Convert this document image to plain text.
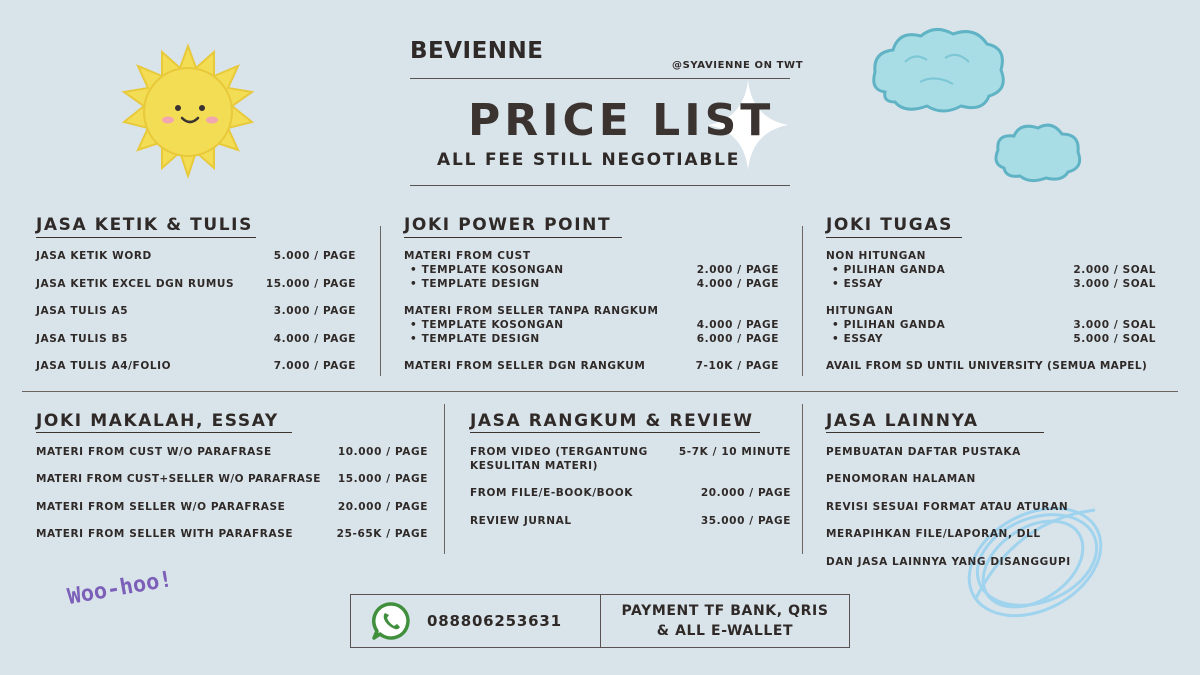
Woo-hoo!
BEVIENNE
@SYAVIENNE ON TWT
PRICE LIST
ALL FEE STILL NEGOTIABLE
JASA KETIK & TULIS
JASA KETIK WORD	5.000 / PAGE
JASA KETIK EXCEL DGN RUMUS	15.000 / PAGE
JASA TULIS A5	3.000 / PAGE
JASA TULIS B5	4.000 / PAGE
JASA TULIS A4/FOLIO	7.000 / PAGE
JOKI POWER POINT
MATERI FROM CUST
• TEMPLATE KOSONGAN	2.000 / PAGE
• TEMPLATE DESIGN	4.000 / PAGE
MATERI FROM SELLER TANPA RANGKUM
• TEMPLATE KOSONGAN	4.000 / PAGE
• TEMPLATE DESIGN	6.000 / PAGE
MATERI FROM SELLER DGN RANGKUM	7-10K / PAGE
JOKI TUGAS
NON HITUNGAN
• PILIHAN GANDA	2.000 / SOAL
• ESSAY	3.000 / SOAL
HITUNGAN
• PILIHAN GANDA	3.000 / SOAL
• ESSAY	5.000 / SOAL
AVAIL FROM SD UNTIL UNIVERSITY (SEMUA MAPEL)
JOKI MAKALAH, ESSAY
MATERI FROM CUST W/O PARAFRASE	10.000 / PAGE
MATERI FROM CUST+SELLER W/O PARAFRASE 15.000 / PAGE
MATERI FROM SELLER W/O PARAFRASE	20.000 / PAGE
MATERI FROM SELLER WITH PARAFRASE	25-65K / PAGE
JASA RANGKUM & REVIEW
FROM VIDEO (TERGANTUNG KESULITAN MATERI)
5-7K / 10 MINUTE
FROM FILE/E-BOOK/BOOK	20.000 / PAGE
REVIEW JURNAL	35.000 / PAGE
JASA LAINNYA
PEMBUATAN DAFTAR PUSTAKA
PENOMORAN HALAMAN
REVISI SESUAI FORMAT ATAU ATURAN
MERAPIHKAN FILE/LAPORAN, DLL
DAN JASA LAINNYA YANG DISANGGUPI
088806253631
PAYMENT TF BANK, QRIS
& ALL E-WALLET
